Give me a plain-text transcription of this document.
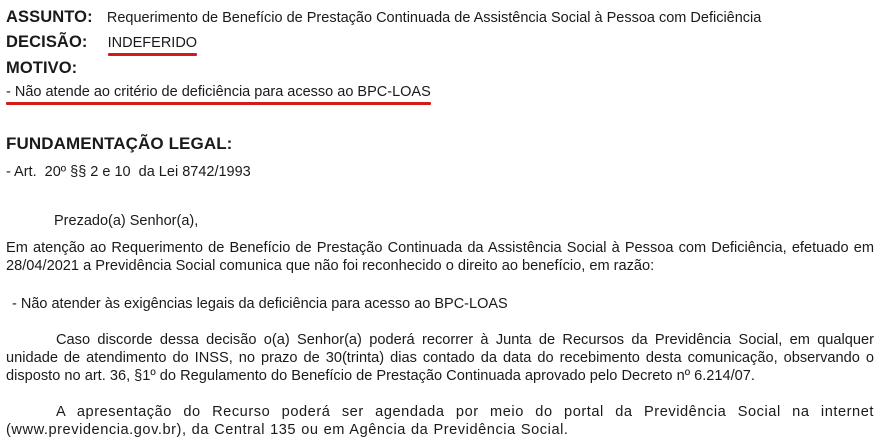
ASSUNTO: Requerimento de Benefício de Prestação Continuada de Assistência Social à Pessoa com Deficiência
DECISÃO: INDEFERIDO
MOTIVO:
- Não atende ao critério de deficiência para acesso ao BPC-LOAS
FUNDAMENTAÇÃO LEGAL:
- Art.  20º §§ 2 e 10  da Lei 8742/1993
Prezado(a) Senhor(a),
Em atenção ao Requerimento de Benefício de Prestação Continuada da Assistência Social à Pessoa com Deficiência, efetuado em
28/04/2021 a Previdência Social comunica que não foi reconhecido o direito ao benefício, em razão:
- Não atender às exigências legais da deficiência para acesso ao BPC-LOAS
Caso discorde dessa decisão o(a) Senhor(a) poderá recorrer à Junta de Recursos da Previdência Social, em qualquer
unidade de atendimento do INSS, no prazo de 30(trinta) dias contado da data do recebimento desta comunicação, observando o
disposto no art. 36, §1º do Regulamento do Benefício de Prestação Continuada aprovado pelo Decreto nº 6.214/07.
A apresentação do Recurso poderá ser agendada por meio do portal da Previdência Social na internet
(www.previdencia.gov.br), da Central 135 ou em Agência da Previdência Social.
